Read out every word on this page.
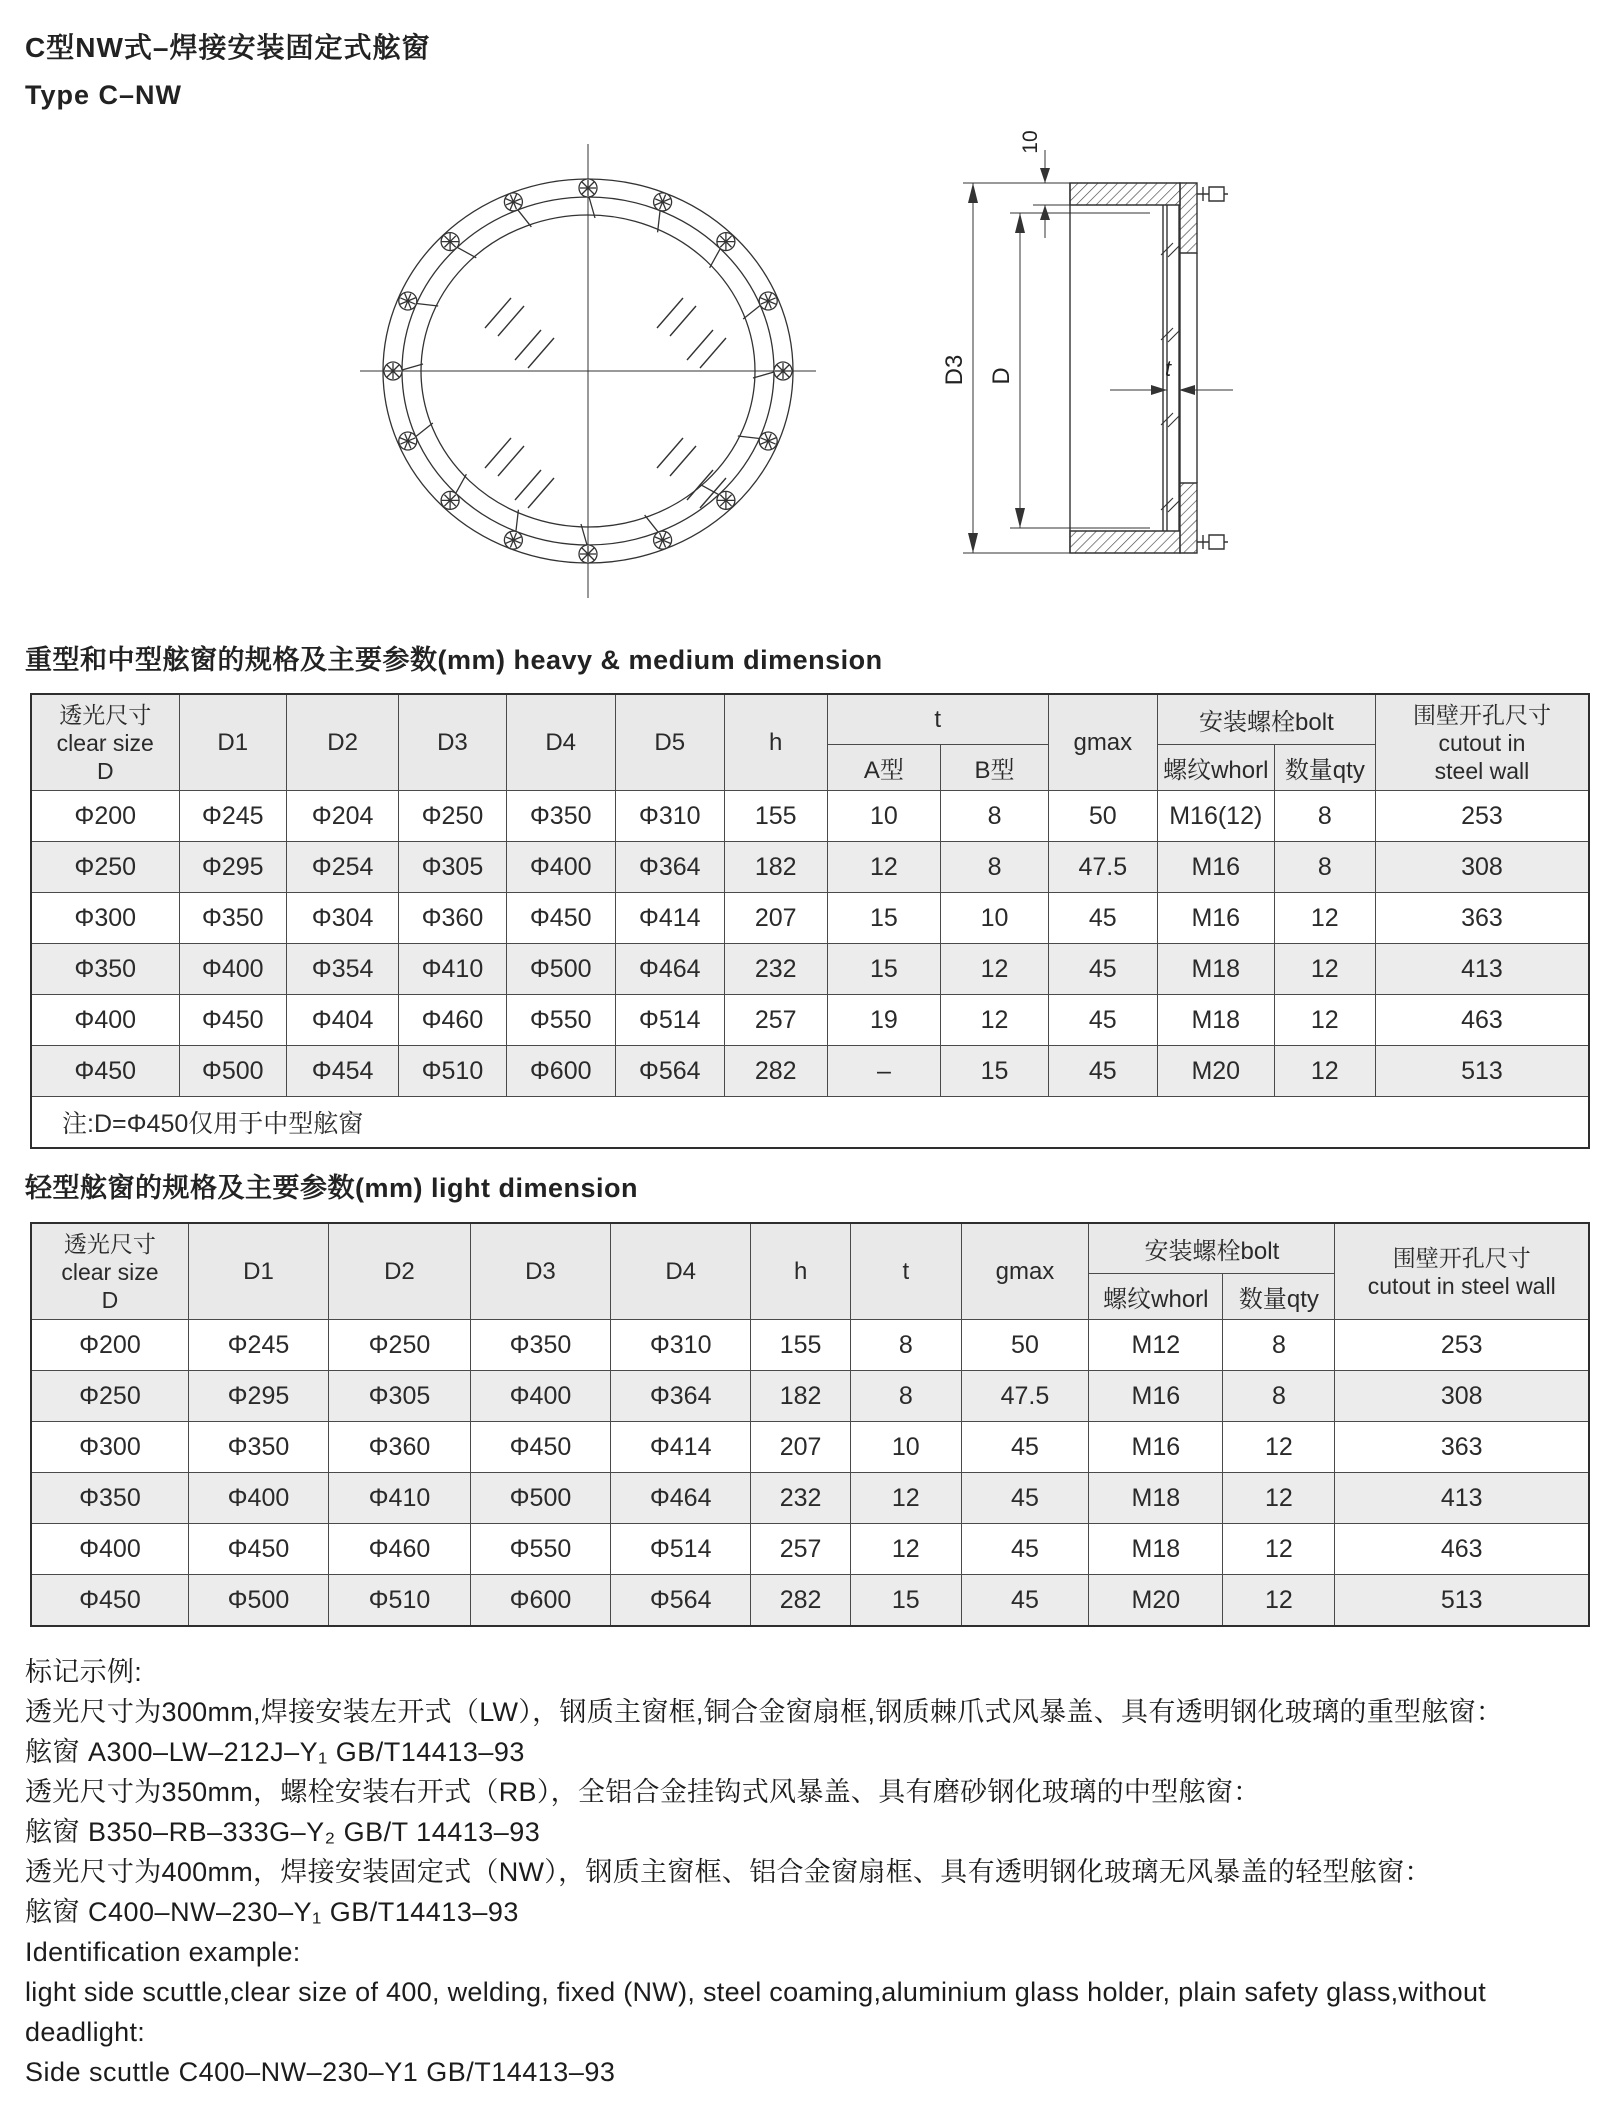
C型NW式–焊接安装固定式舷窗
Type C–NW
10
D3 D	t
重型和中型舷窗的规格及主要参数(mm) heavy & medium dimension
透光尺寸
clear size
D	D1	D2	D3	D4	D5	h	t		gmax	安装螺栓bolt		围壁开孔尺寸
cutout in
steel wall

							A型	B型		螺纹whorl	数量qty	
Φ200	Φ245	Φ204	Φ250	Φ350	Φ310	155	10	8	50	M16(12)	8	253
Φ250	Φ295	Φ254	Φ305	Φ400	Φ364	182	12	8	47.5	M16	8	308
Φ300	Φ350	Φ304	Φ360	Φ450	Φ414	207	15	10	45	M16	12	363
Φ350	Φ400	Φ354	Φ410	Φ500	Φ464	232	15	12	45	M18	12	413
Φ400	Φ450	Φ404	Φ460	Φ550	Φ514	257	19	12	45	M18	12	463
Φ450	Φ500	Φ454	Φ510	Φ600	Φ564	282	–	15	45	M20	12	513
注:D=Φ450仅用于中型舷窗												
轻型舷窗的规格及主要参数(mm) light dimension
透光尺寸
clear size
D	D1	D2	D3	D4	h	t	gmax	安装螺栓bolt		围壁开孔尺寸
cutout in steel wall

								螺纹whorl	数量qty	
Φ200	Φ245	Φ250	Φ350	Φ310	155	8	50	M12	8	253
Φ250	Φ295	Φ305	Φ400	Φ364	182	8	47.5	M16	8	308
Φ300	Φ350	Φ360	Φ450	Φ414	207	10	45	M16	12	363
Φ350	Φ400	Φ410	Φ500	Φ464	232	12	45	M18	12	413
Φ400	Φ450	Φ460	Φ550	Φ514	257	12	45	M18	12	463
Φ450	Φ500	Φ510	Φ600	Φ564	282	15	45	M20	12	513
标记示例:
透光尺寸为300mm,焊接安装左开式（LW），钢质主窗框,铜合金窗扇框,钢质棘爪式风暴盖、具有透明钢化玻璃的重型舷窗：
舷窗 A300–LW–212J–Y₁ GB/T14413–93
透光尺寸为350mm，螺栓安装右开式（RB），全铝合金挂钩式风暴盖、具有磨砂钢化玻璃的中型舷窗：
舷窗 B350–RB–333G–Y₂ GB/T 14413–93
透光尺寸为400mm，焊接安装固定式（NW），钢质主窗框、铝合金窗扇框、具有透明钢化玻璃无风暴盖的轻型舷窗：
舷窗 C400–NW–230–Y₁ GB/T14413–93
Identification example:
light side scuttle,clear size of 400, welding, fixed (NW), steel coaming,aluminium glass holder, plain safety glass,without
deadlight:
Side scuttle C400–NW–230–Y1 GB/T14413–93
